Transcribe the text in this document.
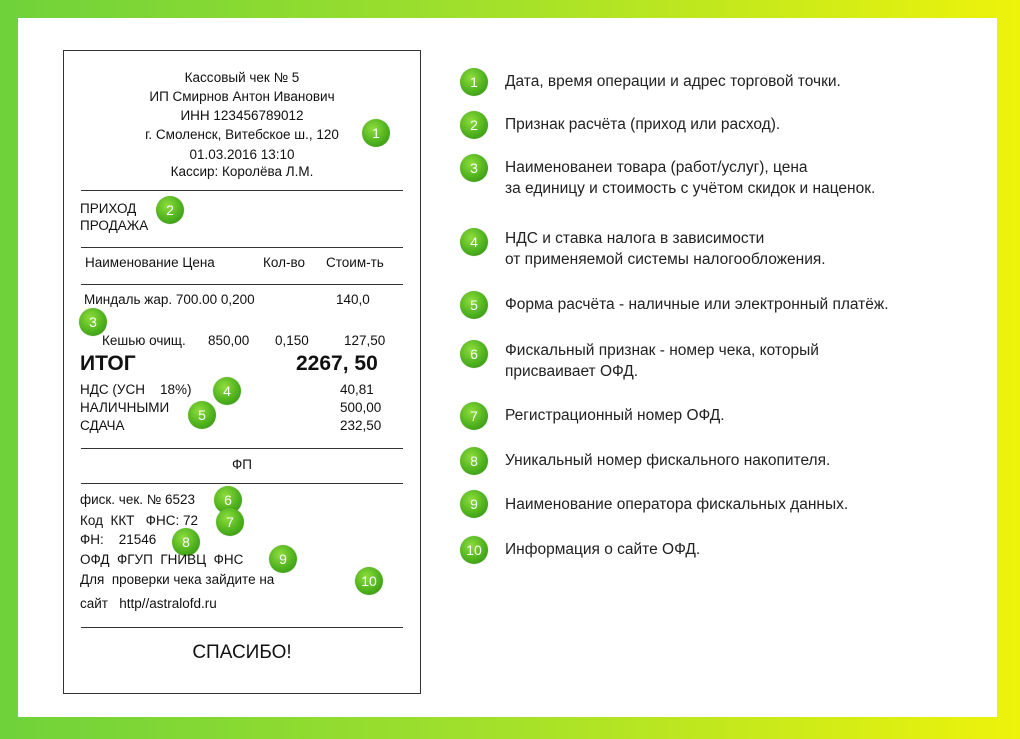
Кассовый чек № 5
ИП Смирнов Антон Иванович
ИНН 123456789012
г. Смоленск, Витебское ш., 120
01.03.2016 13:10
Кассир: Королёва Л.М.
1
ПРИХОД
ПРОДАЖА
2
Наименование Цена	Кол-во Стоим-ть
Миндаль жар. 700.00 0,200	140,0
3
Кешью очищ. 850,00 0,150	127,50
ИТОГ	2267, 50
НДС (УСН    18%)	40,81
4
НАЛИЧНЫМИ	500,00
5
СДАЧА	232,50
ФП
фиск. чек. № 6523	6
Код  ККТ   ФНС: 72	7
ФН:    21546	8
ОФД  ФГУП  ГНИВЦ  ФНС	9
Для  проверки чека зайдите на	10
сайт   http//astralofd.ru
СПАСИБО!
1	Дата, время операции и адрес торговой точки.
2	Признак расчёта (приход или расход).
3	Наименованеи товара (работ/услуг), цена
за единицу и стоимость с учётом скидок и наценок.
4	НДС и ставка налога в зависимости
от применяемой системы налогообложения.
5	Форма расчёта - наличные или электронный платёж.
6	Фискальный признак - номер чека, который
присваивает ОФД.
7	Регистрационный номер ОФД.
8	Уникальный номер фискального накопителя.
9	Наименование оператора фискальных данных.
10	Информация о сайте ОФД.
